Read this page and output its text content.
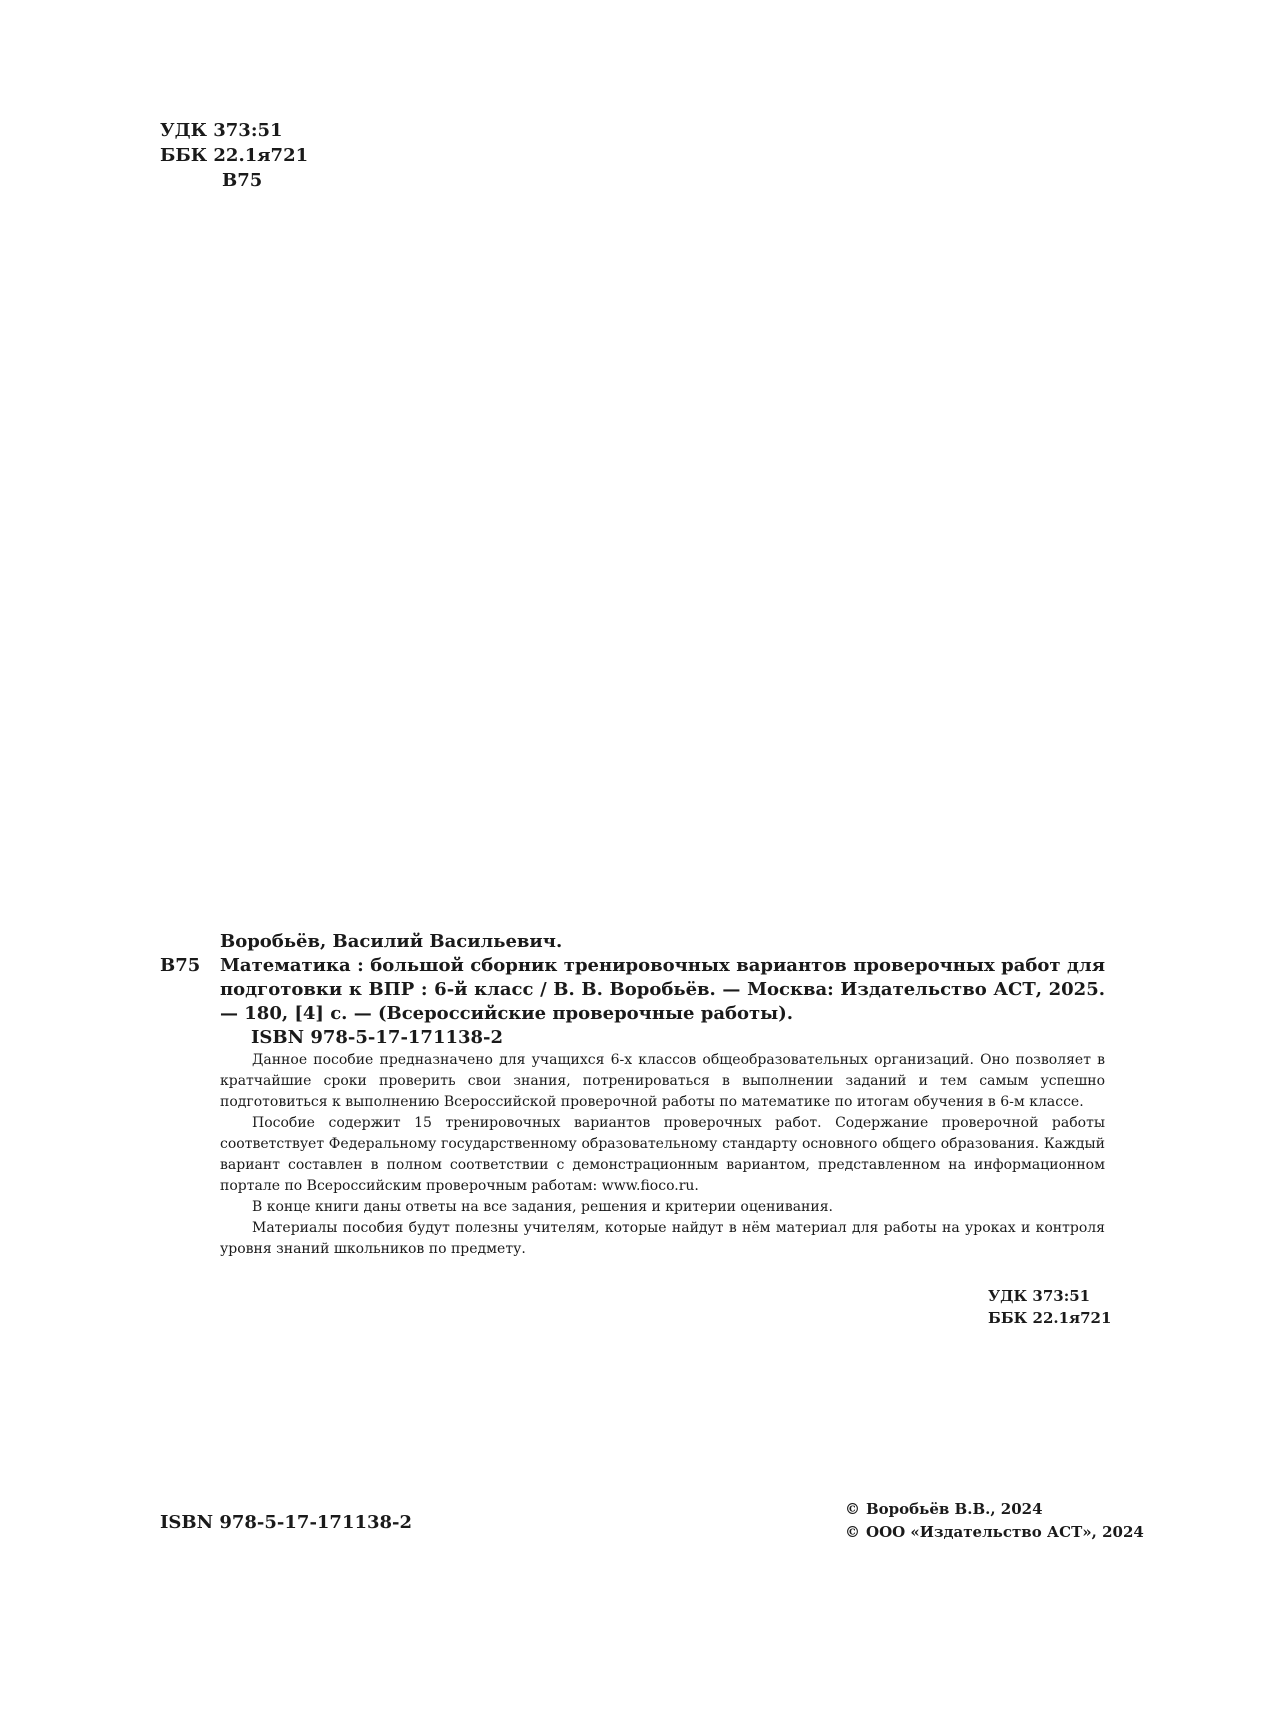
УДК 373:51
ББК 22.1я721
В75
Воробьёв, Василий Васильевич.
В75 Математика : большой сборник тренировочных вариантов проверочных работ для подготовки к ВПР : 6-й класс / В. В. Воробьёв. — Москва: Издательство АСТ, 2025. — 180, [4] с. — (Всероссийские проверочные работы).
ISBN 978-5-17-171138-2

Данное пособие предназначено для учащихся 6-х классов общеобразовательных организаций. Оно позволяет в кратчайшие сроки проверить свои знания, потренироваться в выполнении заданий и тем самым успешно подготовиться к выполнению Всероссийской проверочной работы по математике по итогам обучения в 6-м классе.

Пособие содержит 15 тренировочных вариантов проверочных работ. Содержание проверочной работы соответствует Федеральному государственному образовательному стандарту основного общего образования. Каждый вариант составлен в полном соответствии с демонстрационным вариантом, представленном на информационном портале по Всероссийским проверочным работам: www.fioco.ru.

В конце книги даны ответы на все задания, решения и критерии оценивания.

Материалы пособия будут полезны учителям, которые найдут в нём материал для работы на уроках и контроля уровня знаний школьников по предмету.

УДК 373:51
ББК 22.1я721
ISBN 978-5-17-171138-2
© Воробьёв В.В., 2024
© ООО «Издательство АСТ», 2024
